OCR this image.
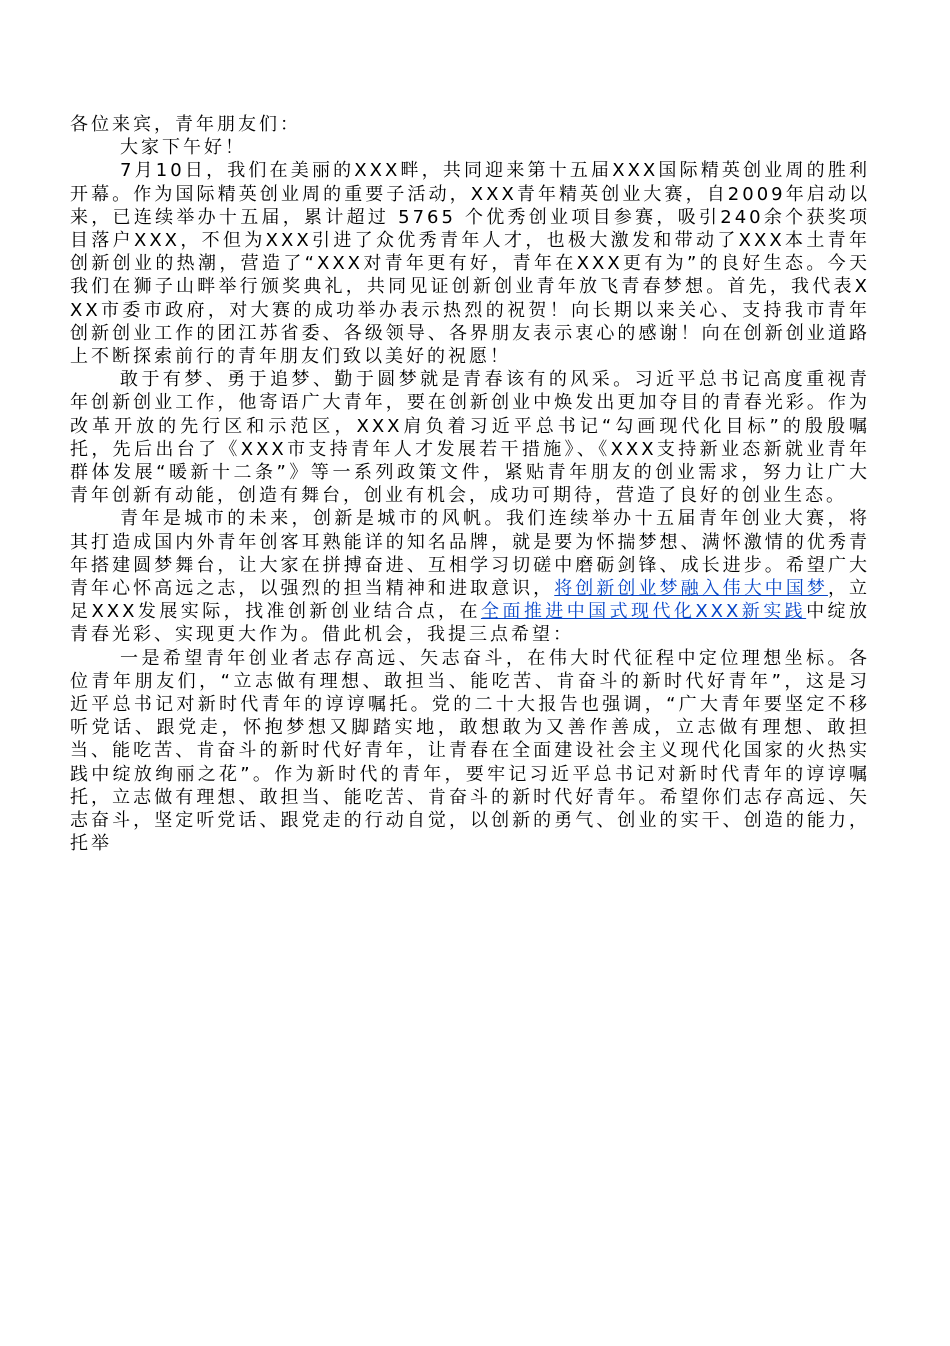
各位来宾，青年朋友们：

大家下午好！

7月10日，我们在美丽的XXX畔，共同迎来第十五届XXX国际精英创业周的胜利开幕。作为国际精英创业周的重要子活动，XXX青年精英创业大赛，自2009年启动以来，已连续举办十五届，累计超过 5765 个优秀创业项目参赛，吸引240余个获奖项目落户XXX，不但为XXX引进了众优秀青年人才，也极大激发和带动了XXX本土青年创新创业的热潮，营造了“XXX对青年更有好，青年在XXX更有为”的良好生态。今天我们在狮子山畔举行颁奖典礼，共同见证创新创业青年放飞青春梦想。首先，我代表XXX市委市政府，对大赛的成功举办表示热烈的祝贺！向长期以来关心、支持我市青年创新创业工作的团江苏省委、各级领导、各界朋友表示衷心的感谢！向在创新创业道路上不断探索前行的青年朋友们致以美好的祝愿！

敢于有梦、勇于追梦、勤于圆梦就是青春该有的风采。习近平总书记高度重视青年创新创业工作，他寄语广大青年，要在创新创业中焕发出更加夺目的青春光彩。作为改革开放的先行区和示范区，XXX肩负着习近平总书记“勾画现代化目标”的殷殷嘱托，先后出台了《XXX市支持青年人才发展若干措施》、《XXX支持新业态新就业青年群体发展“暖新十二条”》等一系列政策文件，紧贴青年朋友的创业需求，努力让广大青年创新有动能，创造有舞台，创业有机会，成功可期待，营造了良好的创业生态。

青年是城市的未来，创新是城市的风帆。我们连续举办十五届青年创业大赛，将其打造成国内外青年创客耳熟能详的知名品牌，就是要为怀揣梦想、满怀激情的优秀青年搭建圆梦舞台，让大家在拼搏奋进、互相学习切磋中磨砺剑锋、成长进步。希望广大青年心怀高远之志，以强烈的担当精神和进取意识，将创新创业梦融入伟大中国梦，立足XXX发展实际，找准创新创业结合点，在全面推进中国式现代化XXX新实践中绽放青春光彩、实现更大作为。借此机会，我提三点希望：

一是希望青年创业者志存高远、矢志奋斗，在伟大时代征程中定位理想坐标。各位青年朋友们，“立志做有理想、敢担当、能吃苦、肯奋斗的新时代好青年”，这是习近平总书记对新时代青年的谆谆嘱托。党的二十大报告也强调，“广大青年要坚定不移听党话、跟党走，怀抱梦想又脚踏实地，敢想敢为又善作善成，立志做有理想、敢担当、能吃苦、肯奋斗的新时代好青年，让青春在全面建设社会主义现代化国家的火热实践中绽放绚丽之花”。作为新时代的青年，要牢记习近平总书记对新时代青年的谆谆嘱托，立志做有理想、敢担当、能吃苦、肯奋斗的新时代好青年。希望你们志存高远、矢志奋斗，坚定听党话、跟党走的行动自觉，以创新的勇气、创业的实干、创造的能力，托举
